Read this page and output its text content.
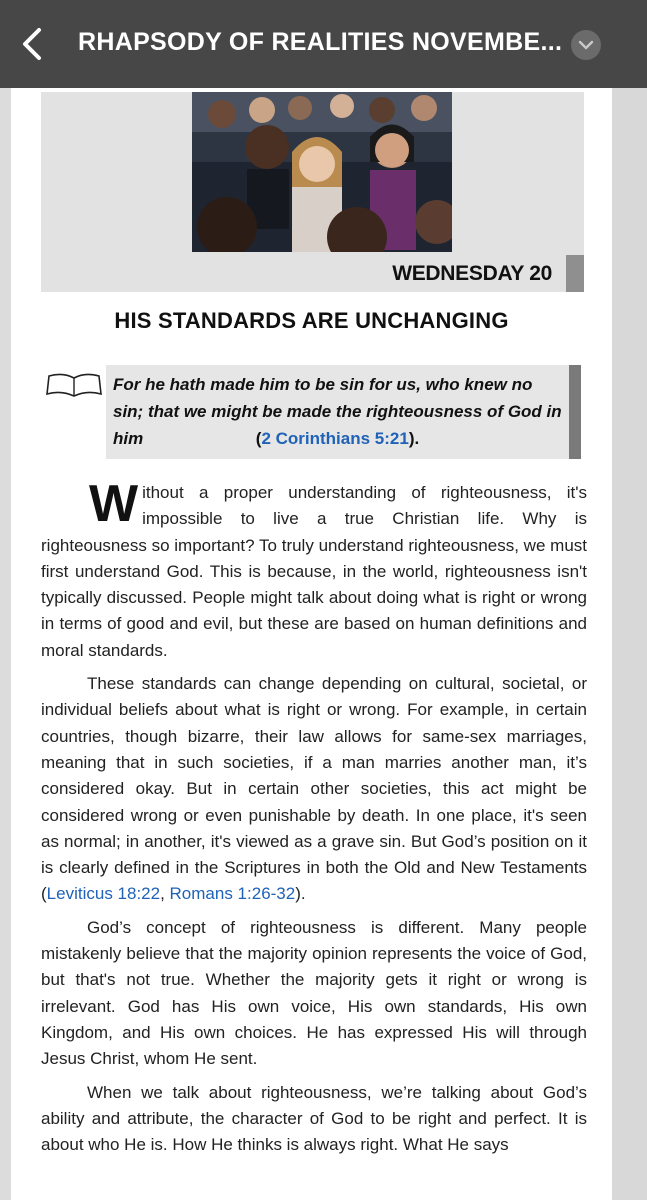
RHAPSODY OF REALITIES NOVEMBE...
WEDNESDAY 20
HIS STANDARDS ARE UNCHANGING
For he hath made him to be sin for us, who knew no sin; that we might be made the righteousness of God in him	(2 Corinthians 5:21).

Without a proper understanding of righteousness, it's impossible to live a true Christian life. Why is righteousness so important? To truly understand righteousness, we must first understand God. This is because, in the world, righteousness isn't typically discussed. People might talk about doing what is right or wrong in terms of good and evil, but these are based on human definitions and moral standards.

These standards can change depending on cultural, societal, or individual beliefs about what is right or wrong. For example, in certain countries, though bizarre, their law allows for same-sex marriages, meaning that in such societies, if a man marries another man, it’s considered okay. But in certain other societies, this act might be considered wrong or even punishable by death. In one place, it's seen as normal; in another, it's viewed as a grave sin. But God’s position on it is clearly defined in the Scriptures in both the Old and New Testaments (Leviticus 18:22, Romans 1:26-32).

God’s concept of righteousness is different. Many people mistakenly believe that the majority opinion represents the voice of God, but that's not true. Whether the majority gets it right or wrong is irrelevant. God has His own voice, His own standards, His own Kingdom, and His own choices. He has expressed His will through Jesus Christ, whom He sent.

When we talk about righteousness, we’re talking about God’s ability and attribute, the character of God to be right and perfect. It is about who He is. How He thinks is always right. What He says
